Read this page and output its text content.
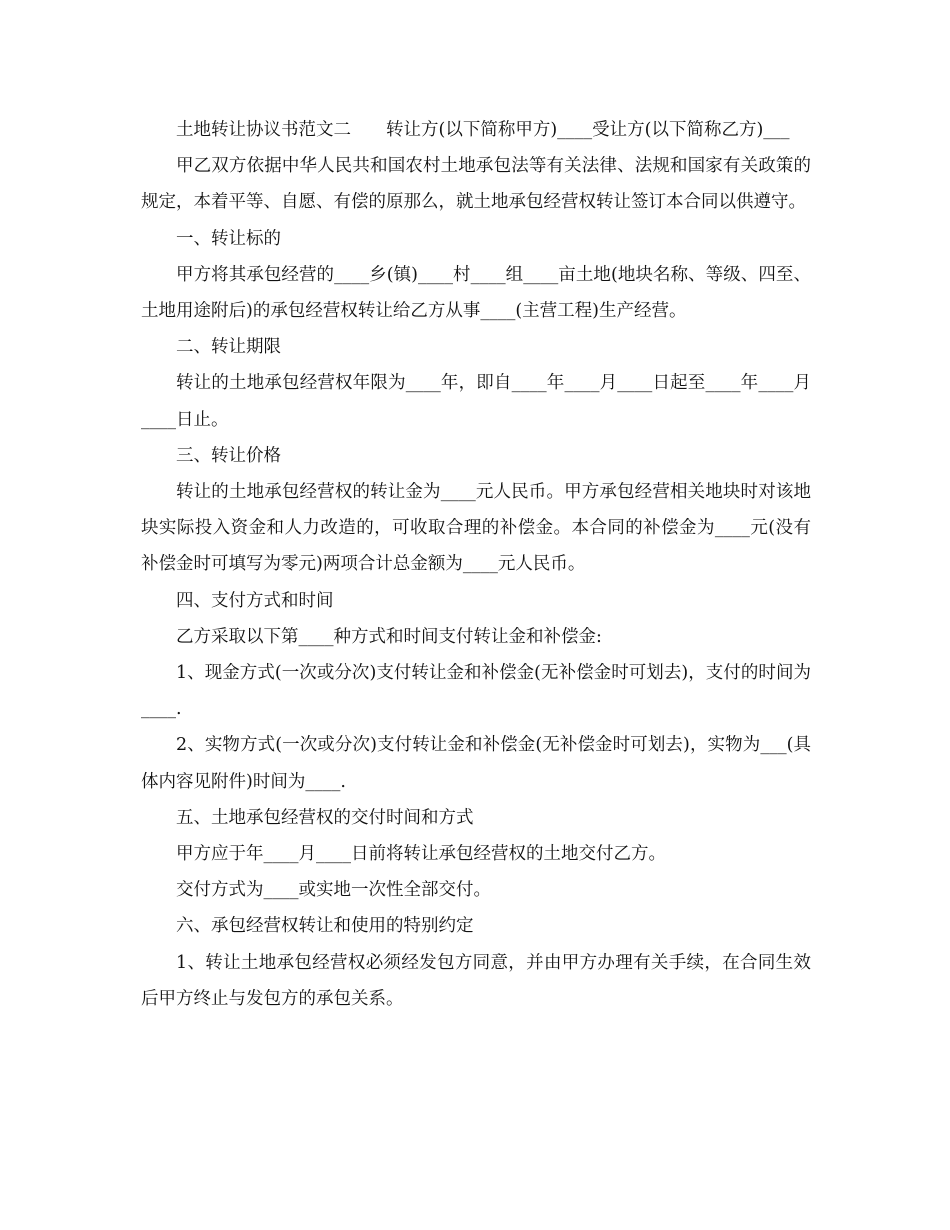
土地转让协议书范文二　　转让方(以下简称甲方)____受让方(以下简称乙方)___

甲乙双方依据中华人民共和国农村土地承包法等有关法律、法规和国家有关政策的规定，本着平等、自愿、有偿的原那么，就土地承包经营权转让签订本合同以供遵守。

一、转让标的

甲方将其承包经营的____乡(镇)____村____组____亩土地(地块名称、等级、四至、土地用途附后)的承包经营权转让给乙方从事____(主营工程)生产经营。

二、转让期限

转让的土地承包经营权年限为____年，即自____年____月____日起至____年____月____日止。

三、转让价格

转让的土地承包经营权的转让金为____元人民币。甲方承包经营相关地块时对该地块实际投入资金和人力改造的，可收取合理的补偿金。本合同的补偿金为____元(没有补偿金时可填写为零元)两项合计总金额为____元人民币。

四、支付方式和时间

乙方采取以下第____种方式和时间支付转让金和补偿金:

1、现金方式(一次或分次)支付转让金和补偿金(无补偿金时可划去)，支付的时间为____.

2、实物方式(一次或分次)支付转让金和补偿金(无补偿金时可划去)，实物为___(具体内容见附件)时间为____.

五、土地承包经营权的交付时间和方式

甲方应于年____月____日前将转让承包经营权的土地交付乙方。

交付方式为____或实地一次性全部交付。

六、承包经营权转让和使用的特别约定

1、转让土地承包经营权必须经发包方同意，并由甲方办理有关手续，在合同生效后甲方终止与发包方的承包关系。
